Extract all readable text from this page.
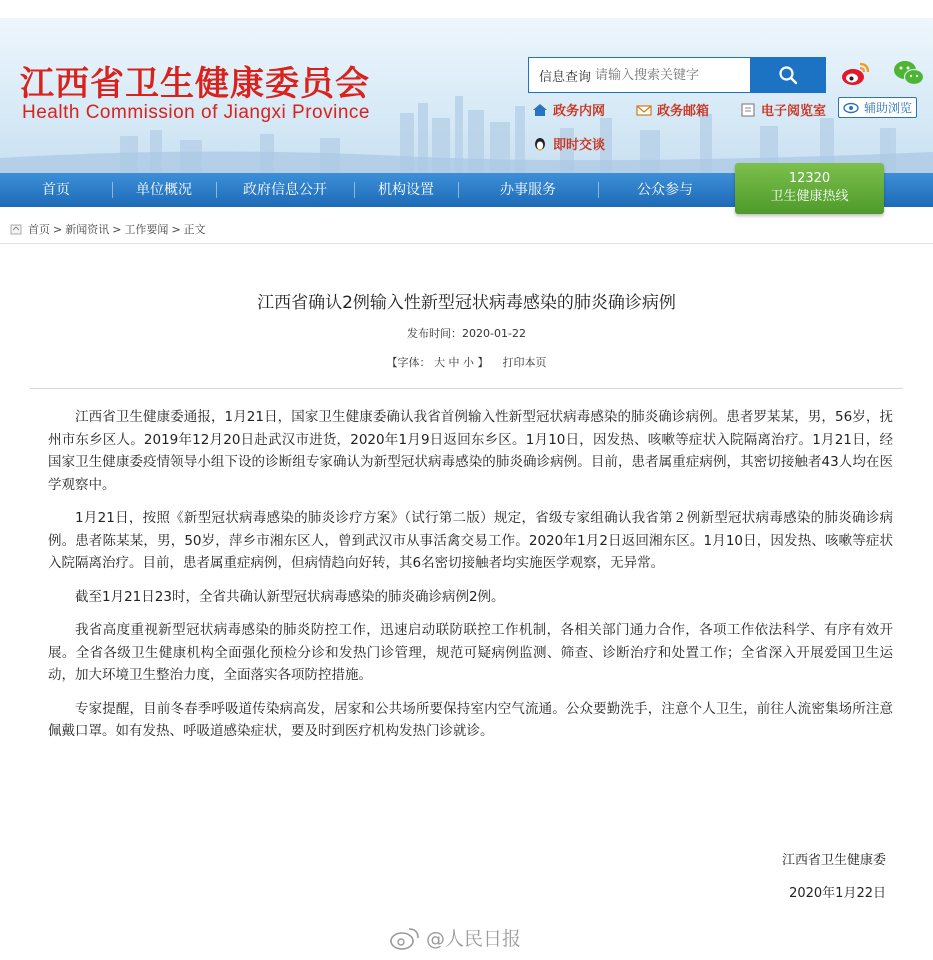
江西省卫生健康委员会
Health Commission of Jiangxi Province
信息查询
请输入搜索关键字
政务内网	政务邮箱	电子阅览室	辅助浏览
即时交谈
首页	单位概况	政府信息公开	机构设置	办事服务	公众参与
12320
卫生健康热线
首页 > 新闻资讯 > 工作要闻 > 正文
江西省确认2例输入性新型冠状病毒感染的肺炎确诊病例
发布时间：2020-01-22
【字体： 大 中 小 】 打印本页

江西省卫生健康委通报，1月21日，国家卫生健康委确认我省首例输入性新型冠状病毒感染的肺炎确诊病例。患者罗某某，男，56岁，抚州市东乡区人。2019年12月20日赴武汉市进货，2020年1月9日返回东乡区。1月10日，因发热、咳嗽等症状入院隔离治疗。1月21日，经国家卫生健康委疫情领导小组下设的诊断组专家确认为新型冠状病毒感染的肺炎确诊病例。目前，患者属重症病例，其密切接触者43人均在医学观察中。

1月21日，按照《新型冠状病毒感染的肺炎诊疗方案》（试行第二版）规定，省级专家组确认我省第２例新型冠状病毒感染的肺炎确诊病例。患者陈某某，男，50岁，萍乡市湘东区人，曾到武汉市从事活禽交易工作。2020年1月2日返回湘东区。1月10日，因发热、咳嗽等症状入院隔离治疗。目前，患者属重症病例，但病情趋向好转，其6名密切接触者均实施医学观察，无异常。

截至1月21日23时，全省共确认新型冠状病毒感染的肺炎确诊病例2例。

我省高度重视新型冠状病毒感染的肺炎防控工作，迅速启动联防联控工作机制，各相关部门通力合作，各项工作依法科学、有序有效开展。全省各级卫生健康机构全面强化预检分诊和发热门诊管理，规范可疑病例监测、筛查、诊断治疗和处置工作；全省深入开展爱国卫生运动，加大环境卫生整治力度，全面落实各项防控措施。

专家提醒，目前冬春季呼吸道传染病高发，居家和公共场所要保持室内空气流通。公众要勤洗手，注意个人卫生，前往人流密集场所注意佩戴口罩。如有发热、呼吸道感染症状，要及时到医疗机构发热门诊就诊。

江西省卫生健康委
2020年1月22日
@人民日报
